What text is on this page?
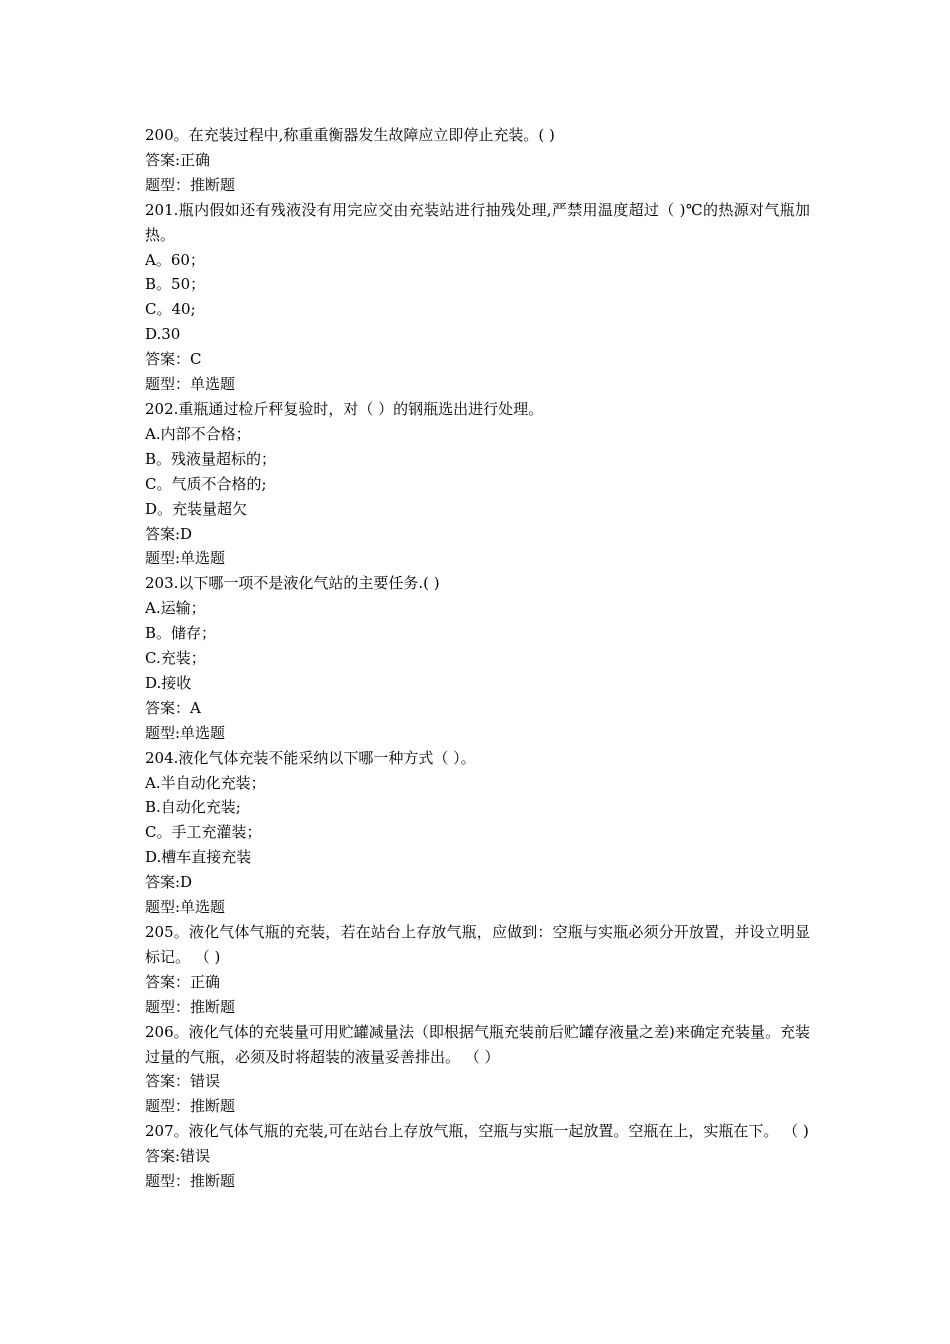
200。在充装过程中,称重重衡器发生故障应立即停止充装。( )
答案:正确
题型：推断题
201.瓶内假如还有残液没有用完应交由充装站进行抽残处理,严禁用温度超过（ )℃的热源对气瓶加热。
A。60；
B。50；
C。40;
D.30
答案：C
题型：单选题
202.重瓶通过检斤秤复验时，对（ ）的钢瓶选出进行处理。
A.内部不合格；
B。残液量超标的；
C。气质不合格的;
D。充装量超欠
答案:D
题型:单选题
203.以下哪一项不是液化气站的主要任务.( )
A.运输；
B。储存；
C.充装；
D.接收
答案：A
题型:单选题
204.液化气体充装不能采纳以下哪一种方式（ ）。
A.半自动化充装；
B.自动化充装;
C。手工充灌装；
D.槽车直接充装
答案:D
题型:单选题
205。液化气体气瓶的充装，若在站台上存放气瓶，应做到：空瓶与实瓶必须分开放置，并设立明显标记。 （ )
答案：正确
题型：推断题
206。液化气体的充装量可用贮罐减量法（即根据气瓶充装前后贮罐存液量之差)来确定充装量。充装过量的气瓶，必须及时将超装的液量妥善排出。 （ ）
答案：错误
题型：推断题
207。液化气体气瓶的充装,可在站台上存放气瓶，空瓶与实瓶一起放置。空瓶在上，实瓶在下。 （ )
答案:错误
题型：推断题
